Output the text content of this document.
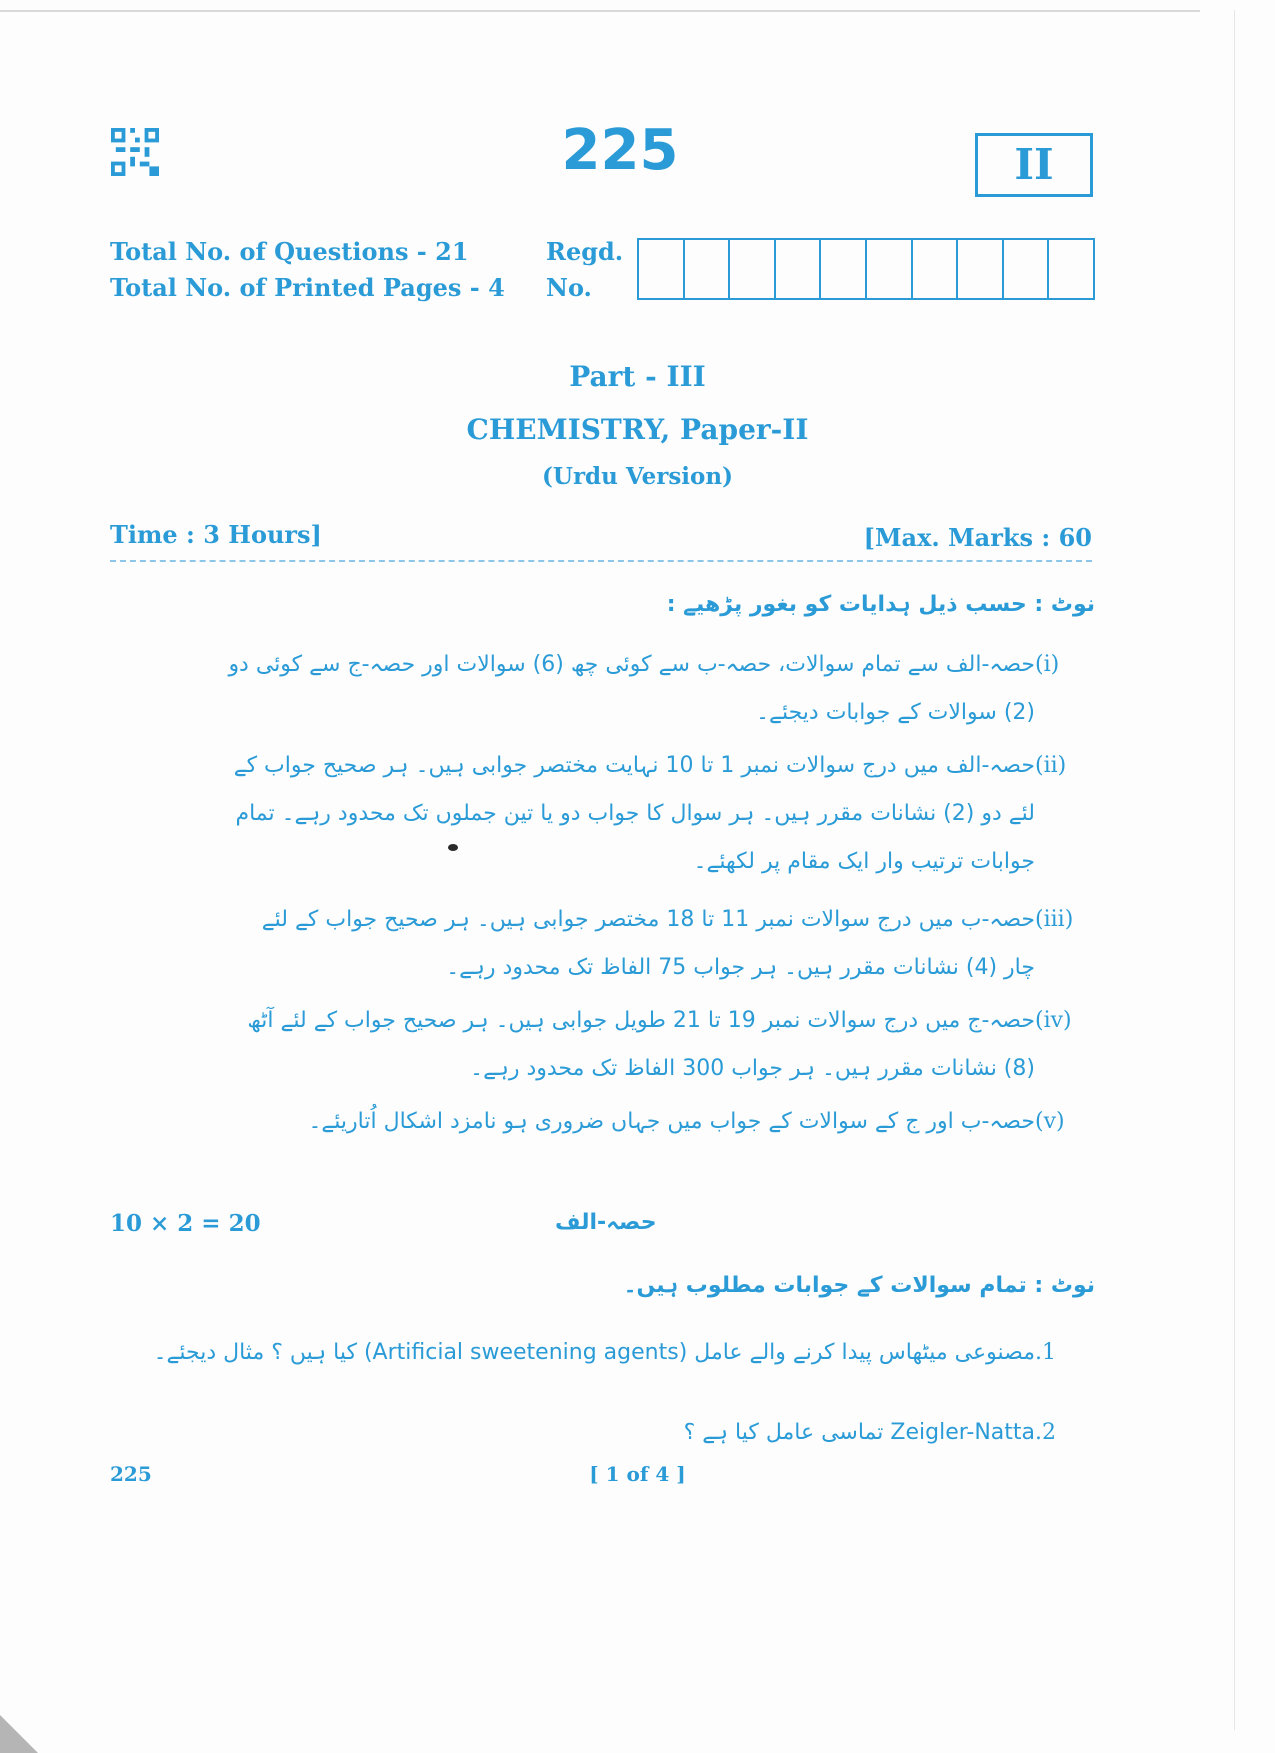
225	II
Total No. of Questions - 21
Total No. of Printed Pages - 4
Regd.
No.
Part - III
CHEMISTRY, Paper-II
(Urdu Version)
Time : 3 Hours]	[Max. Marks : 60
نوٹ : حسب ذیل ہدایات کو بغور پڑھیے :
(i)حصہ-الف سے تمام سوالات، حصہ-ب سے کوئی چھ (6) سوالات اور حصہ-ج سے کوئی دو (2) سوالات کے جوابات دیجئے۔
(ii)حصہ-الف میں درج سوالات نمبر 1 تا 10 نہایت مختصر جوابی ہیں۔ ہر صحیح جواب کے لئے دو (2) نشانات مقرر ہیں۔ ہر سوال کا جواب دو یا تین جملوں تک محدود رہے۔ تمام جوابات ترتیب وار ایک مقام پر لکھئے۔
(iii)حصہ-ب میں درج سوالات نمبر 11 تا 18 مختصر جوابی ہیں۔ ہر صحیح جواب کے لئے چار (4) نشانات مقرر ہیں۔ ہر جواب 75 الفاظ تک محدود رہے۔
(iv)حصہ-ج میں درج سوالات نمبر 19 تا 21 طویل جوابی ہیں۔ ہر صحیح جواب کے لئے آٹھ (8) نشانات مقرر ہیں۔ ہر جواب 300 الفاظ تک محدود رہے۔
(v)حصہ-ب اور ج کے سوالات کے جواب میں جہاں ضروری ہو نامزد اشکال اُتاریئے۔
10 × 2 = 20	حصہ-الف
نوٹ : تمام سوالات کے جوابات مطلوب ہیں۔
.1مصنوعی میٹھاس پیدا کرنے والے عامل (Artificial sweetening agents) کیا ہیں ؟ مثال دیجئے۔
.2Zeigler-Natta تماسی عامل کیا ہے ؟
225	[ 1 of 4 ]
